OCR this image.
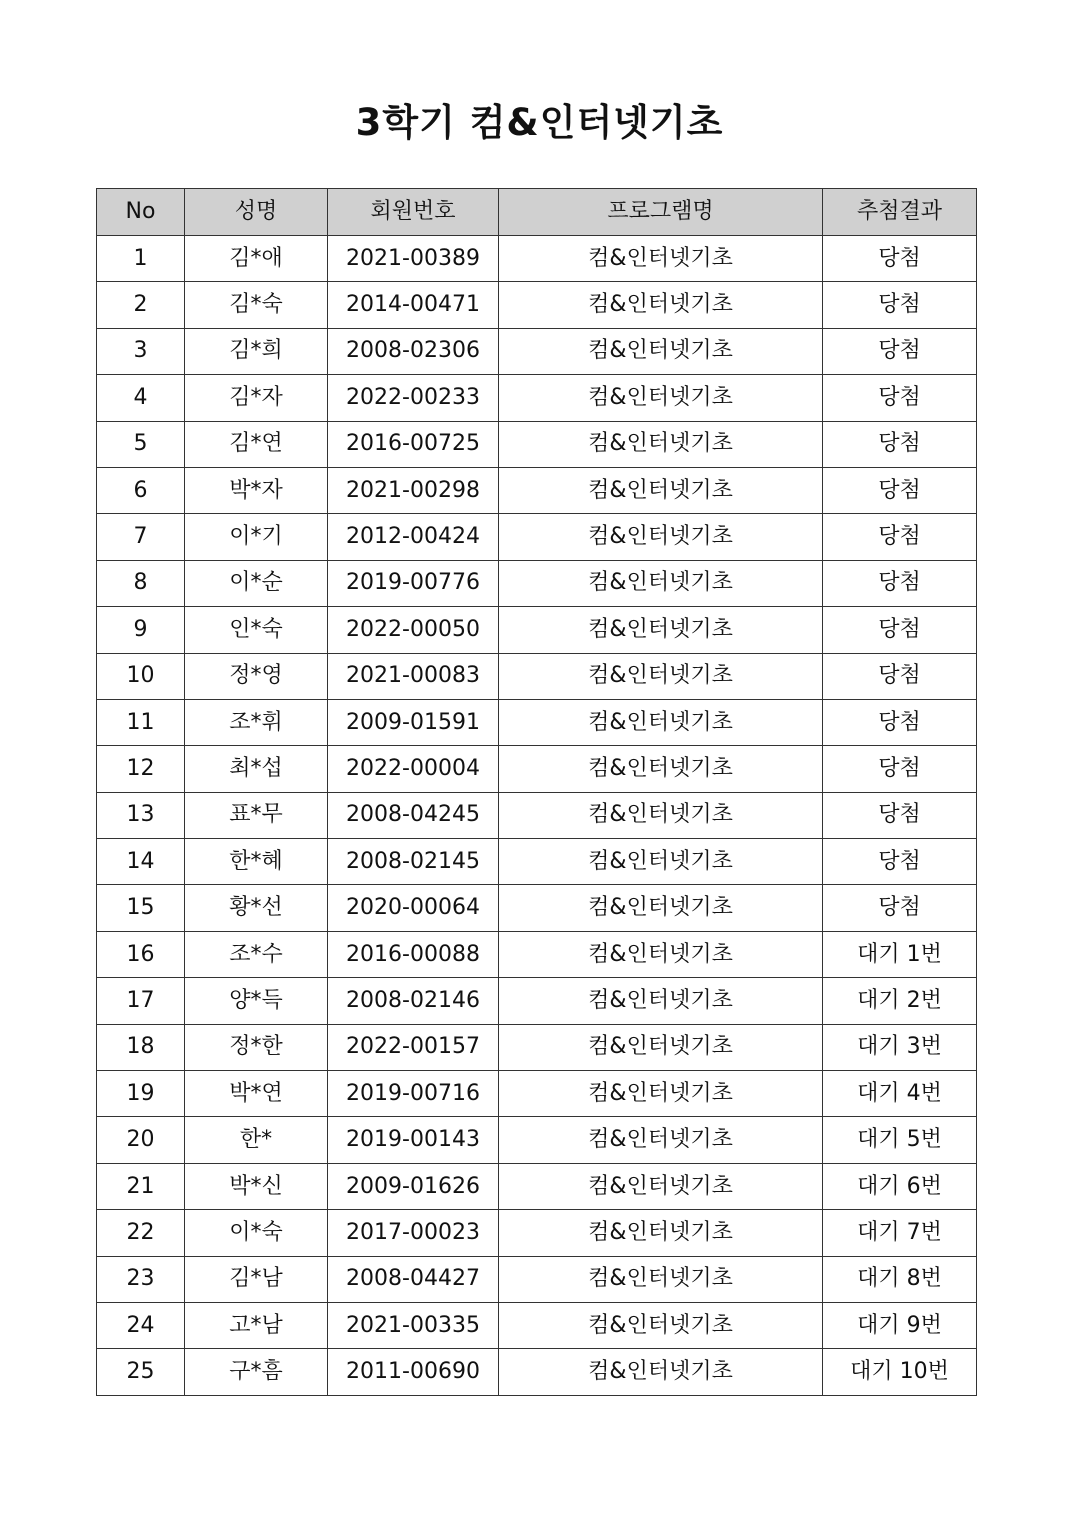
3학기 컴&인터넷기초
No	성명	회원번호	프로그램명	추첨결과
1	김*애	2021-00389	컴&인터넷기초	당첨
2	김*숙	2014-00471	컴&인터넷기초	당첨
3	김*희	2008-02306	컴&인터넷기초	당첨
4	김*자	2022-00233	컴&인터넷기초	당첨
5	김*연	2016-00725	컴&인터넷기초	당첨
6	박*자	2021-00298	컴&인터넷기초	당첨
7	이*기	2012-00424	컴&인터넷기초	당첨
8	이*순	2019-00776	컴&인터넷기초	당첨
9	인*숙	2022-00050	컴&인터넷기초	당첨
10	정*영	2021-00083	컴&인터넷기초	당첨
11	조*휘	2009-01591	컴&인터넷기초	당첨
12	최*섭	2022-00004	컴&인터넷기초	당첨
13	표*무	2008-04245	컴&인터넷기초	당첨
14	한*혜	2008-02145	컴&인터넷기초	당첨
15	황*선	2020-00064	컴&인터넷기초	당첨
16	조*수	2016-00088	컴&인터넷기초	대기 1번
17	양*득	2008-02146	컴&인터넷기초	대기 2번
18	정*한	2022-00157	컴&인터넷기초	대기 3번
19	박*연	2019-00716	컴&인터넷기초	대기 4번
20	한*	2019-00143	컴&인터넷기초	대기 5번
21	박*신	2009-01626	컴&인터넷기초	대기 6번
22	이*숙	2017-00023	컴&인터넷기초	대기 7번
23	김*남	2008-04427	컴&인터넷기초	대기 8번
24	고*남	2021-00335	컴&인터넷기초	대기 9번
25	구*흠	2011-00690	컴&인터넷기초	대기 10번
